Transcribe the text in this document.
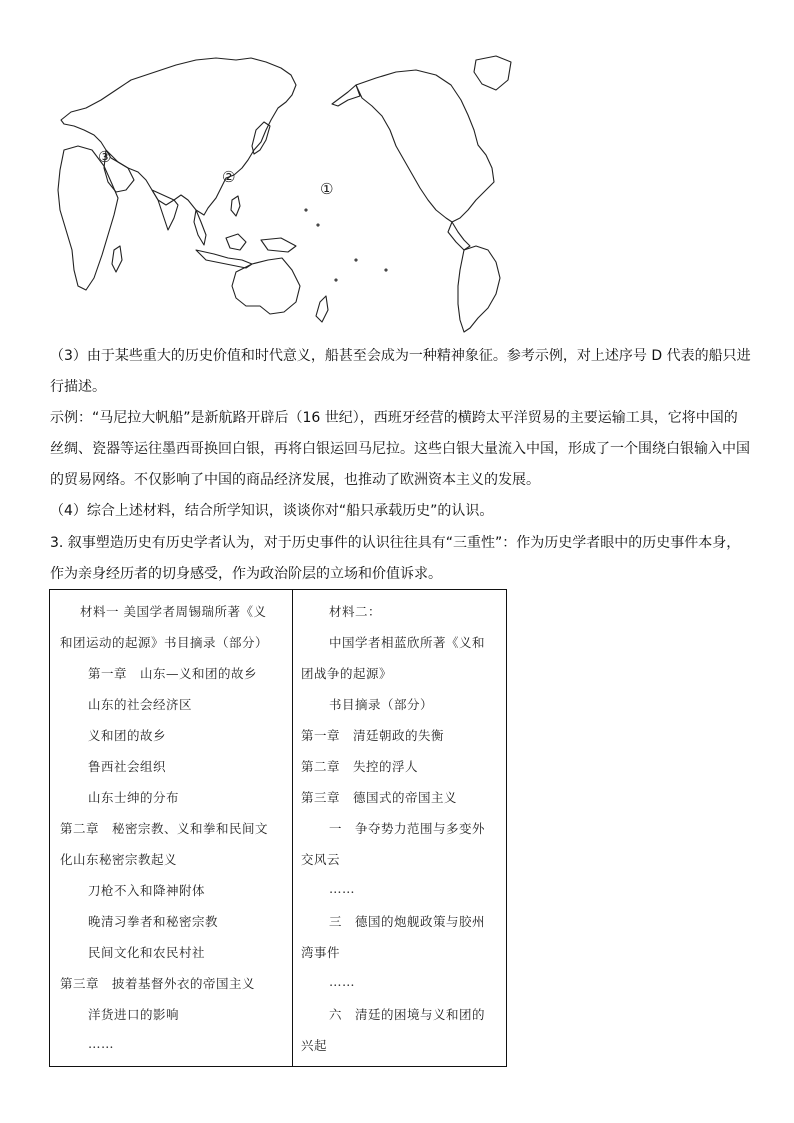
③
②
①
（3）由于某些重大的历史价值和时代意义，船甚至会成为一种精神象征。参考示例，对上述序号 D 代表的船只进
行描述。
示例：“马尼拉大帆船”是新航路开辟后（16 世纪），西班牙经营的横跨太平洋贸易的主要运输工具，它将中国的
丝绸、瓷器等运往墨西哥换回白银，再将白银运回马尼拉。这些白银大量流入中国，形成了一个围绕白银输入中国
的贸易网络。不仅影响了中国的商品经济发展，也推动了欧洲资本主义的发展。
（4）综合上述材料，结合所学知识，谈谈你对“船只承载历史”的认识。
3. 叙事塑造历史有历史学者认为，对于历史事件的认识往往具有“三重性”：作为历史学者眼中的历史事件本身，
作为亲身经历者的切身感受，作为政治阶层的立场和价值诉求。
材料一 美国学者周锡瑞所著《义
和团运动的起源》书目摘录（部分）
第一章　山东—义和团的故乡
山东的社会经济区
义和团的故乡
鲁西社会组织
山东士绅的分布
第二章　秘密宗教、义和拳和民间文
化山东秘密宗教起义
刀枪不入和降神附体
晚清习拳者和秘密宗教
民间文化和农民村社
第三章　披着基督外衣的帝国主义
洋货进口的影响
……
材料二：
中国学者相蓝欣所著《义和
团战争的起源》
书目摘录（部分）
第一章　清廷朝政的失衡
第二章　失控的浮人
第三章　德国式的帝国主义
一　争夺势力范围与多变外
交风云
……
三　德国的炮舰政策与胶州
湾事件
……
六　清廷的困境与义和团的
兴起
